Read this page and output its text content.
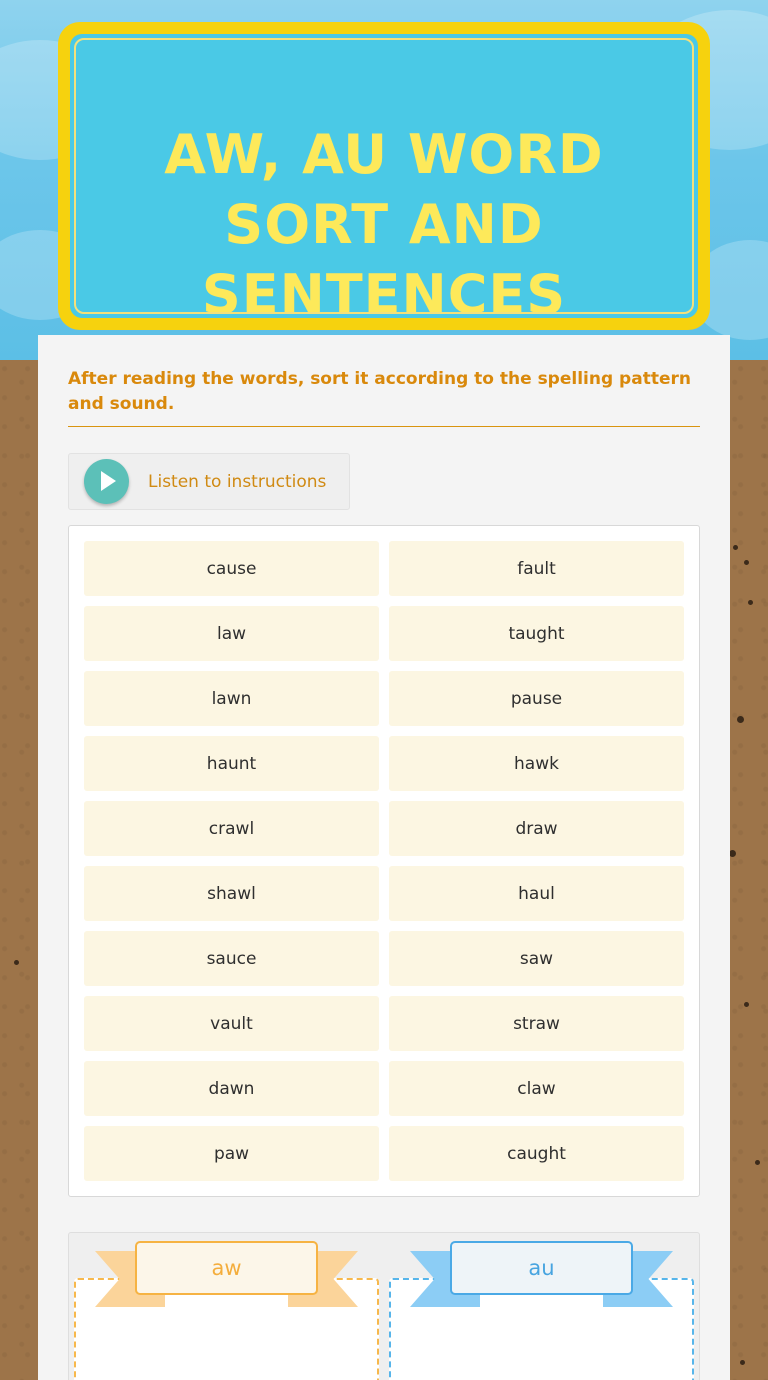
AW, AU WORD SORT AND SENTENCES
After reading the words, sort it according to the spelling pattern and sound.
Listen to instructions
cause	fault
law	taught
lawn	pause
haunt	hawk
crawl	draw
shawl	haul
sauce	saw
vault	straw
dawn	claw
paw	caught
aw	au
